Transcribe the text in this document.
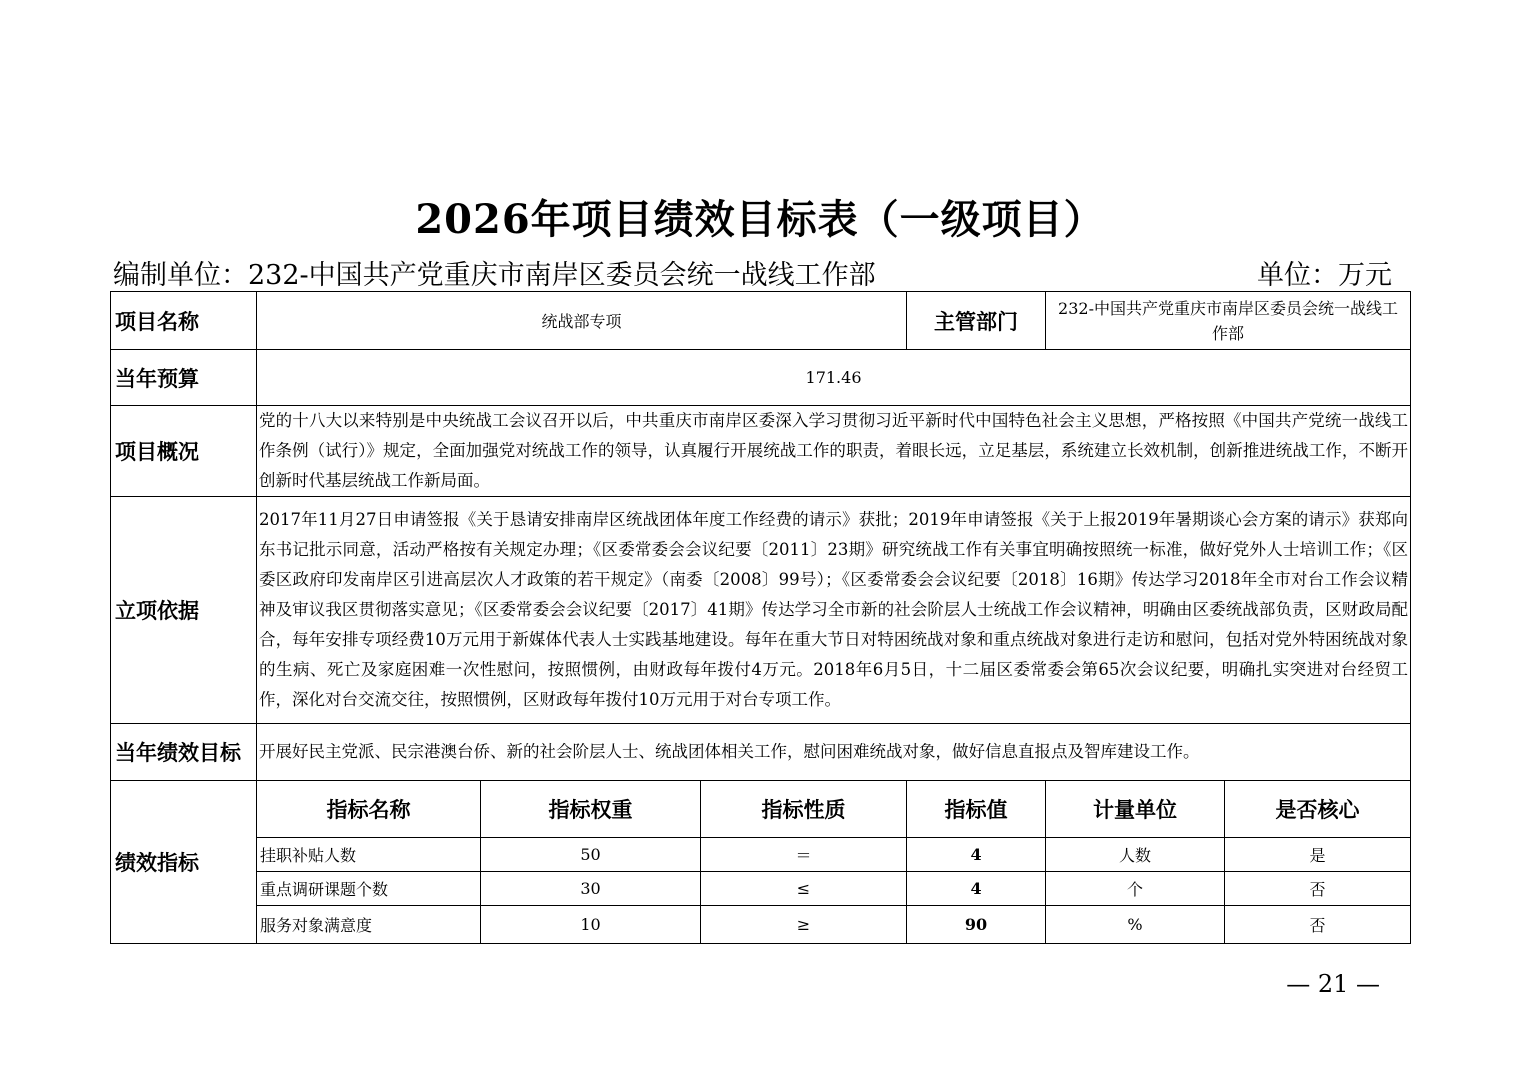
2026年项目绩效目标表（一级项目）
编制单位：232-中国共产党重庆市南岸区委员会统一战线工作部	单位：万元
项目名称	统战部专项			主管部门	232-中国共产党重庆市南岸区委员会统一战线工作部	
当年预算	171.46					
项目概况	党的十八大以来特别是中央统战工会议召开以后，中共重庆市南岸区委深入学习贯彻习近平新时代中国特色社会主义思想，严格按照《中国共产党统一战线工作条例（试行）》规定，全面加强党对统战工作的领导，认真履行开展统战工作的职责，着眼长远，立足基层，系统建立长效机制，创新推进统战工作，不断开创新时代基层统战工作新局面。					
立项依据	2017年11月27日申请签报《关于恳请安排南岸区统战团体年度工作经费的请示》获批；2019年申请签报《关于上报2019年暑期谈心会方案的请示》获郑向东书记批示同意，活动严格按有关规定办理；《区委常委会会议纪要〔2011〕23期》研究统战工作有关事宜明确按照统一标准，做好党外人士培训工作；《区委区政府印发南岸区引进高层次人才政策的若干规定》（南委〔2008〕99号）；《区委常委会会议纪要〔2018〕16期》传达学习2018年全市对台工作会议精神及审议我区贯彻落实意见；《区委常委会会议纪要〔2017〕41期》传达学习全市新的社会阶层人士统战工作会议精神，明确由区委统战部负责，区财政局配合，每年安排专项经费10万元用于新媒体代表人士实践基地建设。每年在重大节日对特困统战对象和重点统战对象进行走访和慰问，包括对党外特困统战对象的生病、死亡及家庭困难一次性慰问，按照惯例，由财政每年拨付4万元。2018年6月5日，十二届区委常委会第65次会议纪要，明确扎实突进对台经贸工作，深化对台交流交往，按照惯例，区财政每年拨付10万元用于对台专项工作。					
当年绩效目标	开展好民主党派、民宗港澳台侨、新的社会阶层人士、统战团体相关工作，慰问困难统战对象，做好信息直报点及智库建设工作。					
绩效指标	指标名称	指标权重	指标性质	指标值	计量单位	是否核心
	挂职补贴人数	50	＝	4	人数	是
	重点调研课题个数	30	≤	4	个	否
	服务对象满意度	10	≥	90	%	否
— 21 —
